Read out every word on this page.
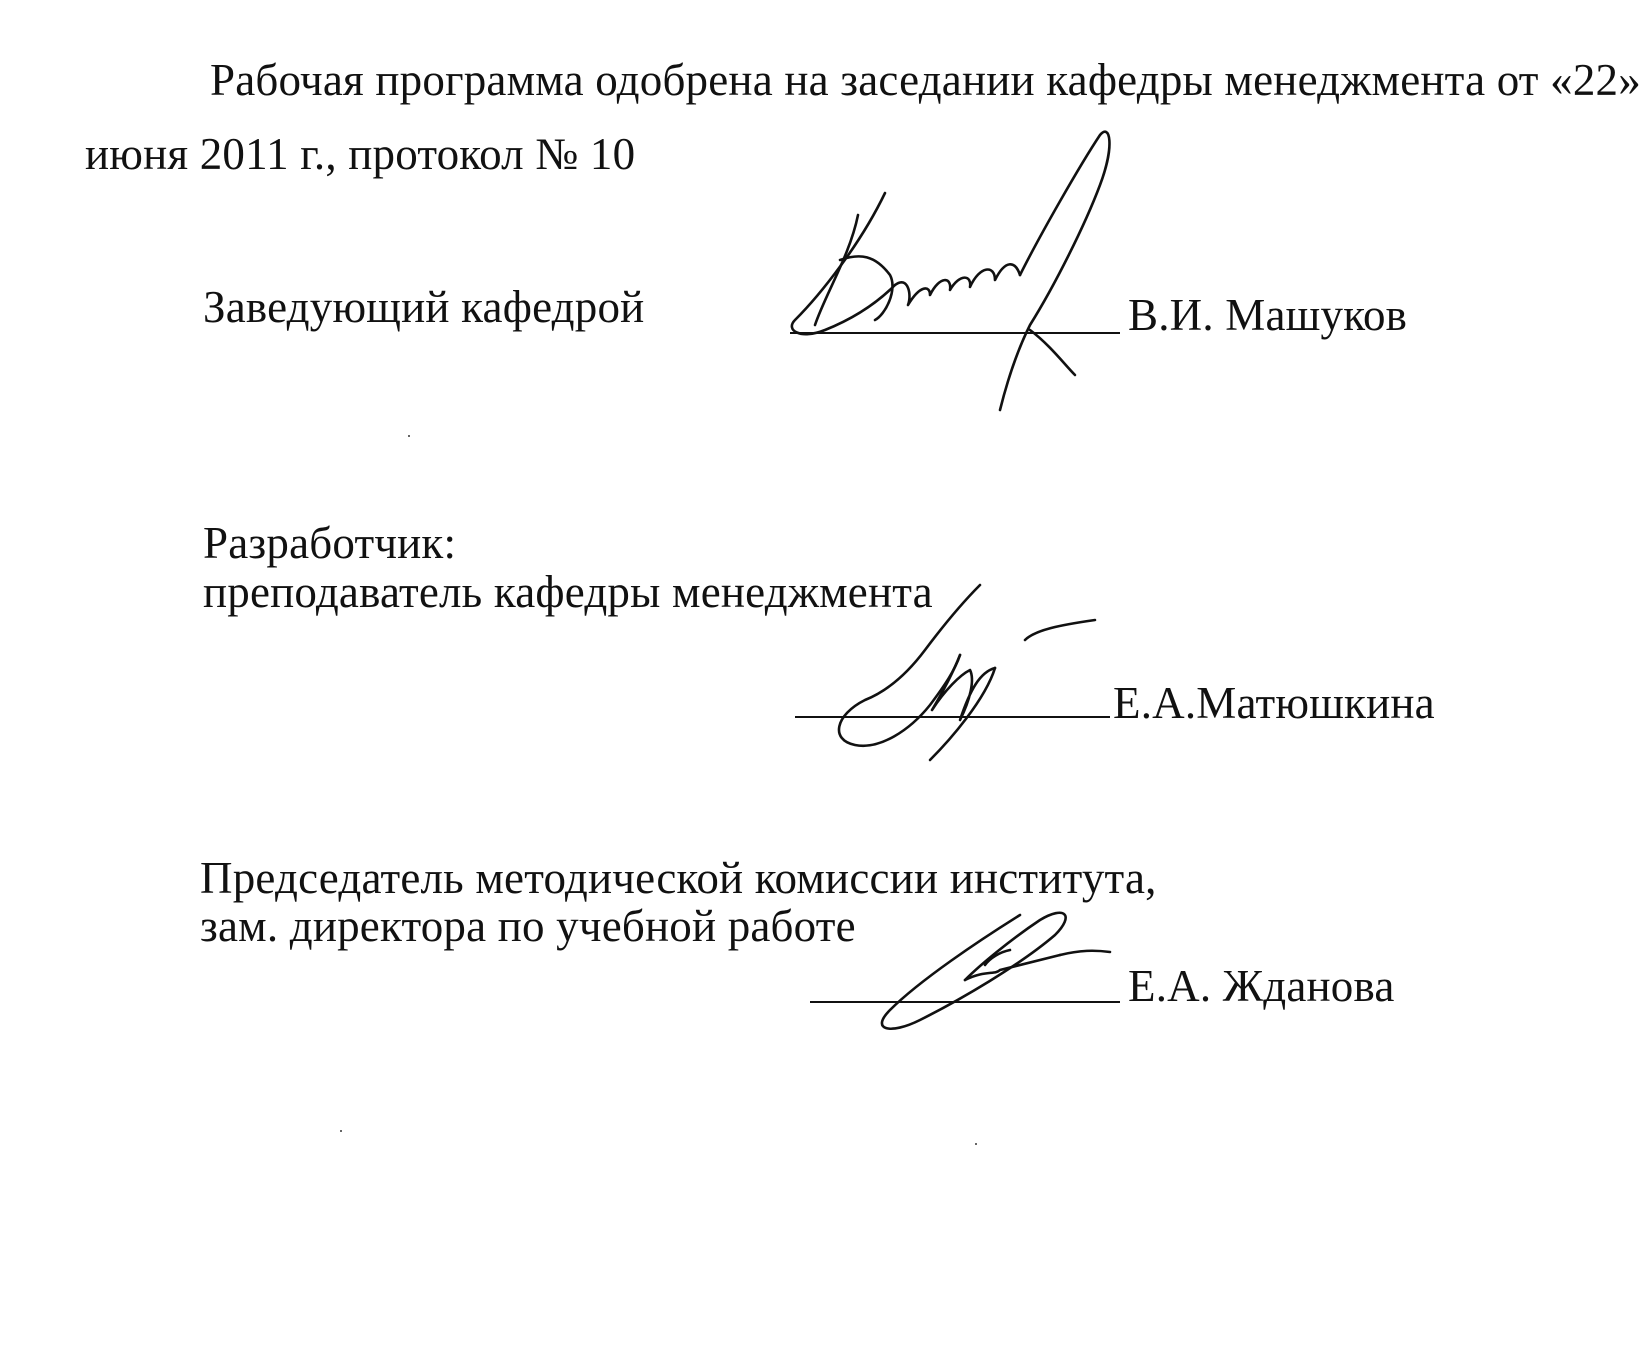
Рабочая программа одобрена на заседании кафедры менеджмента от «22»
июня 2011 г., протокол № 10
Заведующий кафедрой	В.И. Машуков
Разработчик:
преподаватель кафедры менеджмента
Е.А.Матюшкина
Председатель методической комиссии института,
зам. директора по учебной работе
Е.А. Жданова
